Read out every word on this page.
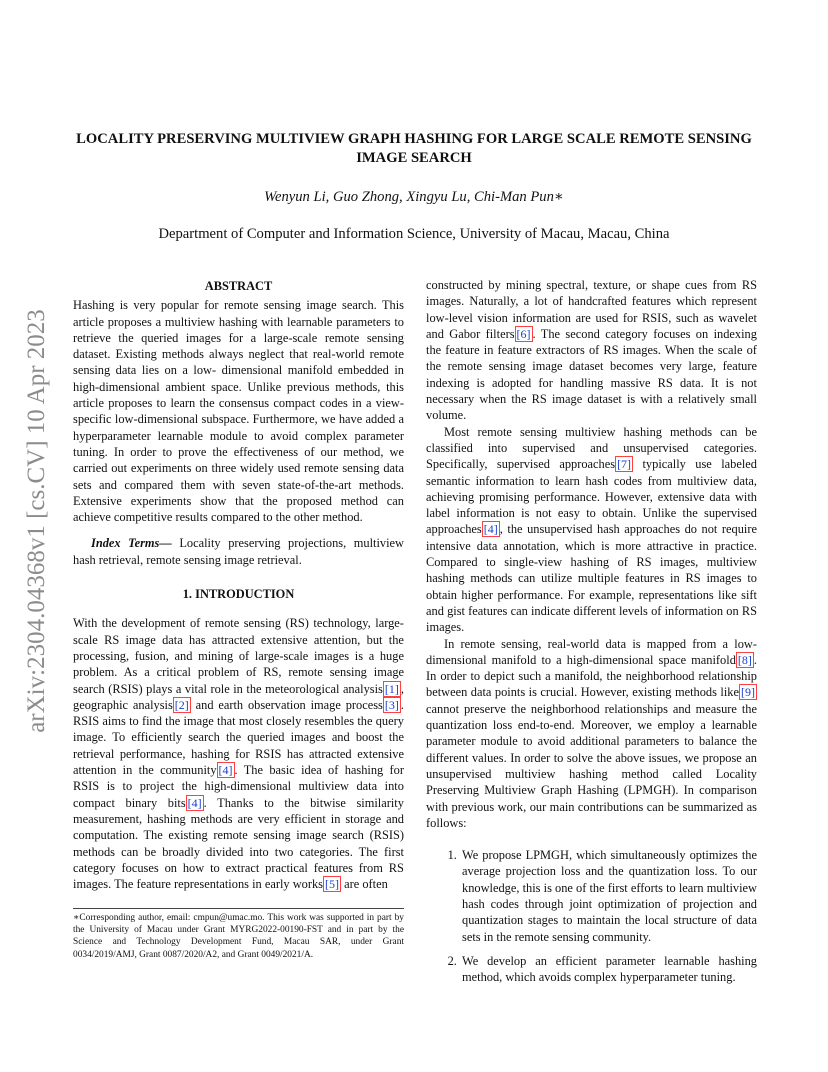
LOCALITY PRESERVING MULTIVIEW GRAPH HASHING FOR LARGE SCALE REMOTE SENSING IMAGE SEARCH

Wenyun Li, Guo Zhong, Xingyu Lu, Chi-Man Pun∗

Department of Computer and Information Science, University of Macau, Macau, China

arXiv:2304.04368v1 [cs.CV] 10 Apr 2023
ABSTRACT

Hashing is very popular for remote sensing image search. This article proposes a multiview hashing with learnable parameters to retrieve the queried images for a large-scale remote sensing dataset. Existing methods always neglect that real-world remote sensing data lies on a low- dimensional manifold embedded in high-dimensional ambient space. Unlike previous methods, this article proposes to learn the consensus compact codes in a view-specific low-dimensional subspace. Furthermore, we have added a hyperparameter learnable module to avoid complex parameter tuning. In order to prove the effectiveness of our method, we carried out experiments on three widely used remote sensing data sets and compared them with seven state-of-the-art methods. Extensive experiments show that the proposed method can achieve competitive results compared to the other method.

Index Terms— Locality preserving projections, multiview hash retrieval, remote sensing image retrieval.

1. INTRODUCTION

With the development of remote sensing (RS) technology, large-scale RS image data has attracted extensive attention, but the processing, fusion, and mining of large-scale images is a huge problem. As a critical problem of RS, remote sensing image search (RSIS) plays a vital role in the meteorological analysis [1] , geographic analysis [2] and earth observation image process [3] . RSIS aims to find the image that most closely resembles the query image. To efficiently search the queried images and boost the retrieval performance, hashing for RSIS has attracted extensive attention in the community [4] . The basic idea of hashing for RSIS is to project the high-dimensional multiview data into compact binary bits [4] . Thanks to the bitwise similarity measurement, hashing methods are very efficient in storage and computation. The existing remote sensing image search (RSIS) methods can be broadly divided into two categories. The first category focuses on how to extract practical features from RS images. The feature representations in early works [5] are often

∗Corresponding author, email: cmpun@umac.mo. This work was supported in part by the University of Macau under Grant MYRG2022-00190-FST and in part by the Science and Technology Development Fund, Macau SAR, under Grant 0034/2019/AMJ, Grant 0087/2020/A2, and Grant 0049/2021/A.

constructed by mining spectral, texture, or shape cues from RS images. Naturally, a lot of handcrafted features which represent low-level vision information are used for RSIS, such as wavelet and Gabor filters [6] . The second category focuses on indexing the feature in feature extractors of RS images. When the scale of the remote sensing image dataset becomes very large, feature indexing is adopted for handling massive RS data. It is not necessary when the RS image dataset is with a relatively small volume.

Most remote sensing multiview hashing methods can be classified into supervised and unsupervised categories. Specifically, supervised approaches [7] typically use labeled semantic information to learn hash codes from multiview data, achieving promising performance. However, extensive data with label information is not easy to obtain. Unlike the supervised approaches [4] , the unsupervised hash approaches do not require intensive data annotation, which is more attractive in practice. Compared to single-view hashing of RS images, multiview hashing methods can utilize multiple features in RS images to obtain higher performance. For example, representations like sift and gist features can indicate different levels of information on RS images.

In remote sensing, real-world data is mapped from a low-dimensional manifold to a high-dimensional space manifold [8] . In order to depict such a manifold, the neighborhood relationship between data points is crucial. However, existing methods like [9] cannot preserve the neighborhood relationships and measure the quantization loss end-to-end. Moreover, we employ a learnable parameter module to avoid additional parameters to balance the different values. In order to solve the above issues, we propose an unsupervised multiview hashing method called Locality Preserving Multiview Graph Hashing (LPMGH). In comparison with previous work, our main contributions can be summarized as follows:

1. We propose LPMGH, which simultaneously optimizes the average projection loss and the quantization loss. To our knowledge, this is one of the first efforts to learn multiview hash codes through joint optimization of projection and quantization stages to maintain the local structure of data sets in the remote sensing community.
2. We develop an efficient parameter learnable hashing method, which avoids complex hyperparameter tuning.
